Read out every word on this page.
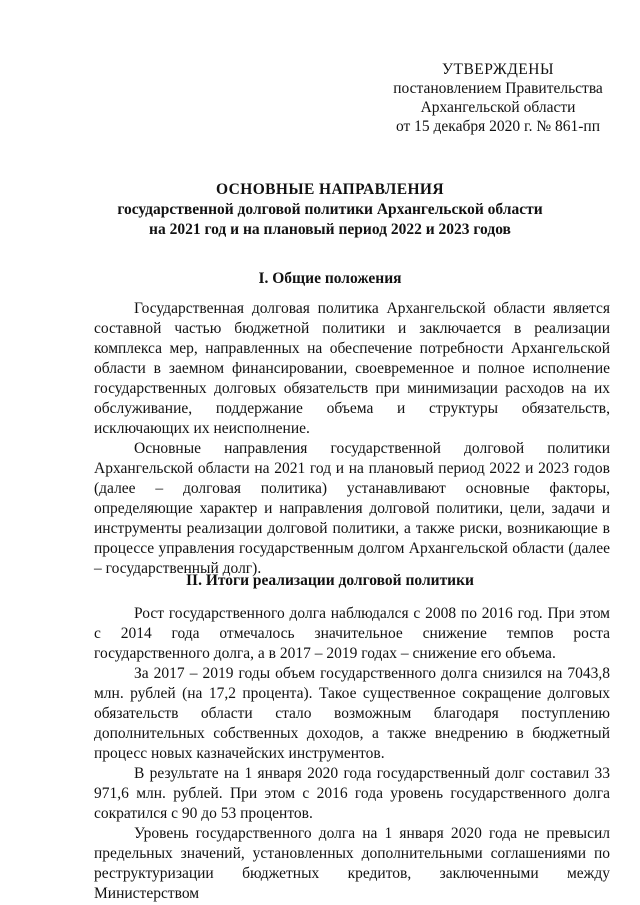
УТВЕРЖДЕНЫ
постановлением Правительства
Архангельской области
от 15 декабря 2020 г. № 861-пп
ОСНОВНЫЕ НАПРАВЛЕНИЯ
государственной долговой политики Архангельской области
на 2021 год и на плановый период 2022 и 2023 годов
I. Общие положения

Государственная долговая политика Архангельской области является составной частью бюджетной политики и заключается в реализации комплекса мер, направленных на обеспечение потребности Архангельской области в заемном финансировании, своевременное и полное исполнение государственных долговых обязательств при минимизации расходов на их обслуживание, поддержание объема и структуры обязательств, исключающих их неисполнение.

Основные направления государственной долговой политики Архангельской области на 2021 год и на плановый период 2022 и 2023 годов (далее – долговая политика) устанавливают основные факторы, определяющие характер и направления долговой политики, цели, задачи и инструменты реализации долговой политики, а также риски, возникающие в процессе управления государственным долгом Архангельской области (далее – государственный долг).

II. Итоги реализации долговой политики

Рост государственного долга наблюдался с 2008 по 2016 год. При этом с 2014 года отмечалось значительное снижение темпов роста государственного долга, а в 2017 – 2019 годах – снижение его объема.

За 2017 – 2019 годы объем государственного долга снизился на 7043,8 млн. рублей (на 17,2 процента). Такое существенное сокращение долговых обязательств области стало возможным благодаря поступлению дополнительных собственных доходов, а также внедрению в бюджетный процесс новых казначейских инструментов.

В результате на 1 января 2020 года государственный долг составил 33 971,6 млн. рублей. При этом с 2016 года уровень государственного долга сократился с 90 до 53 процентов.

Уровень государственного долга на 1 января 2020 года не превысил предельных значений, установленных дополнительными соглашениями по реструктуризации бюджетных кредитов, заключенными между Министерством
